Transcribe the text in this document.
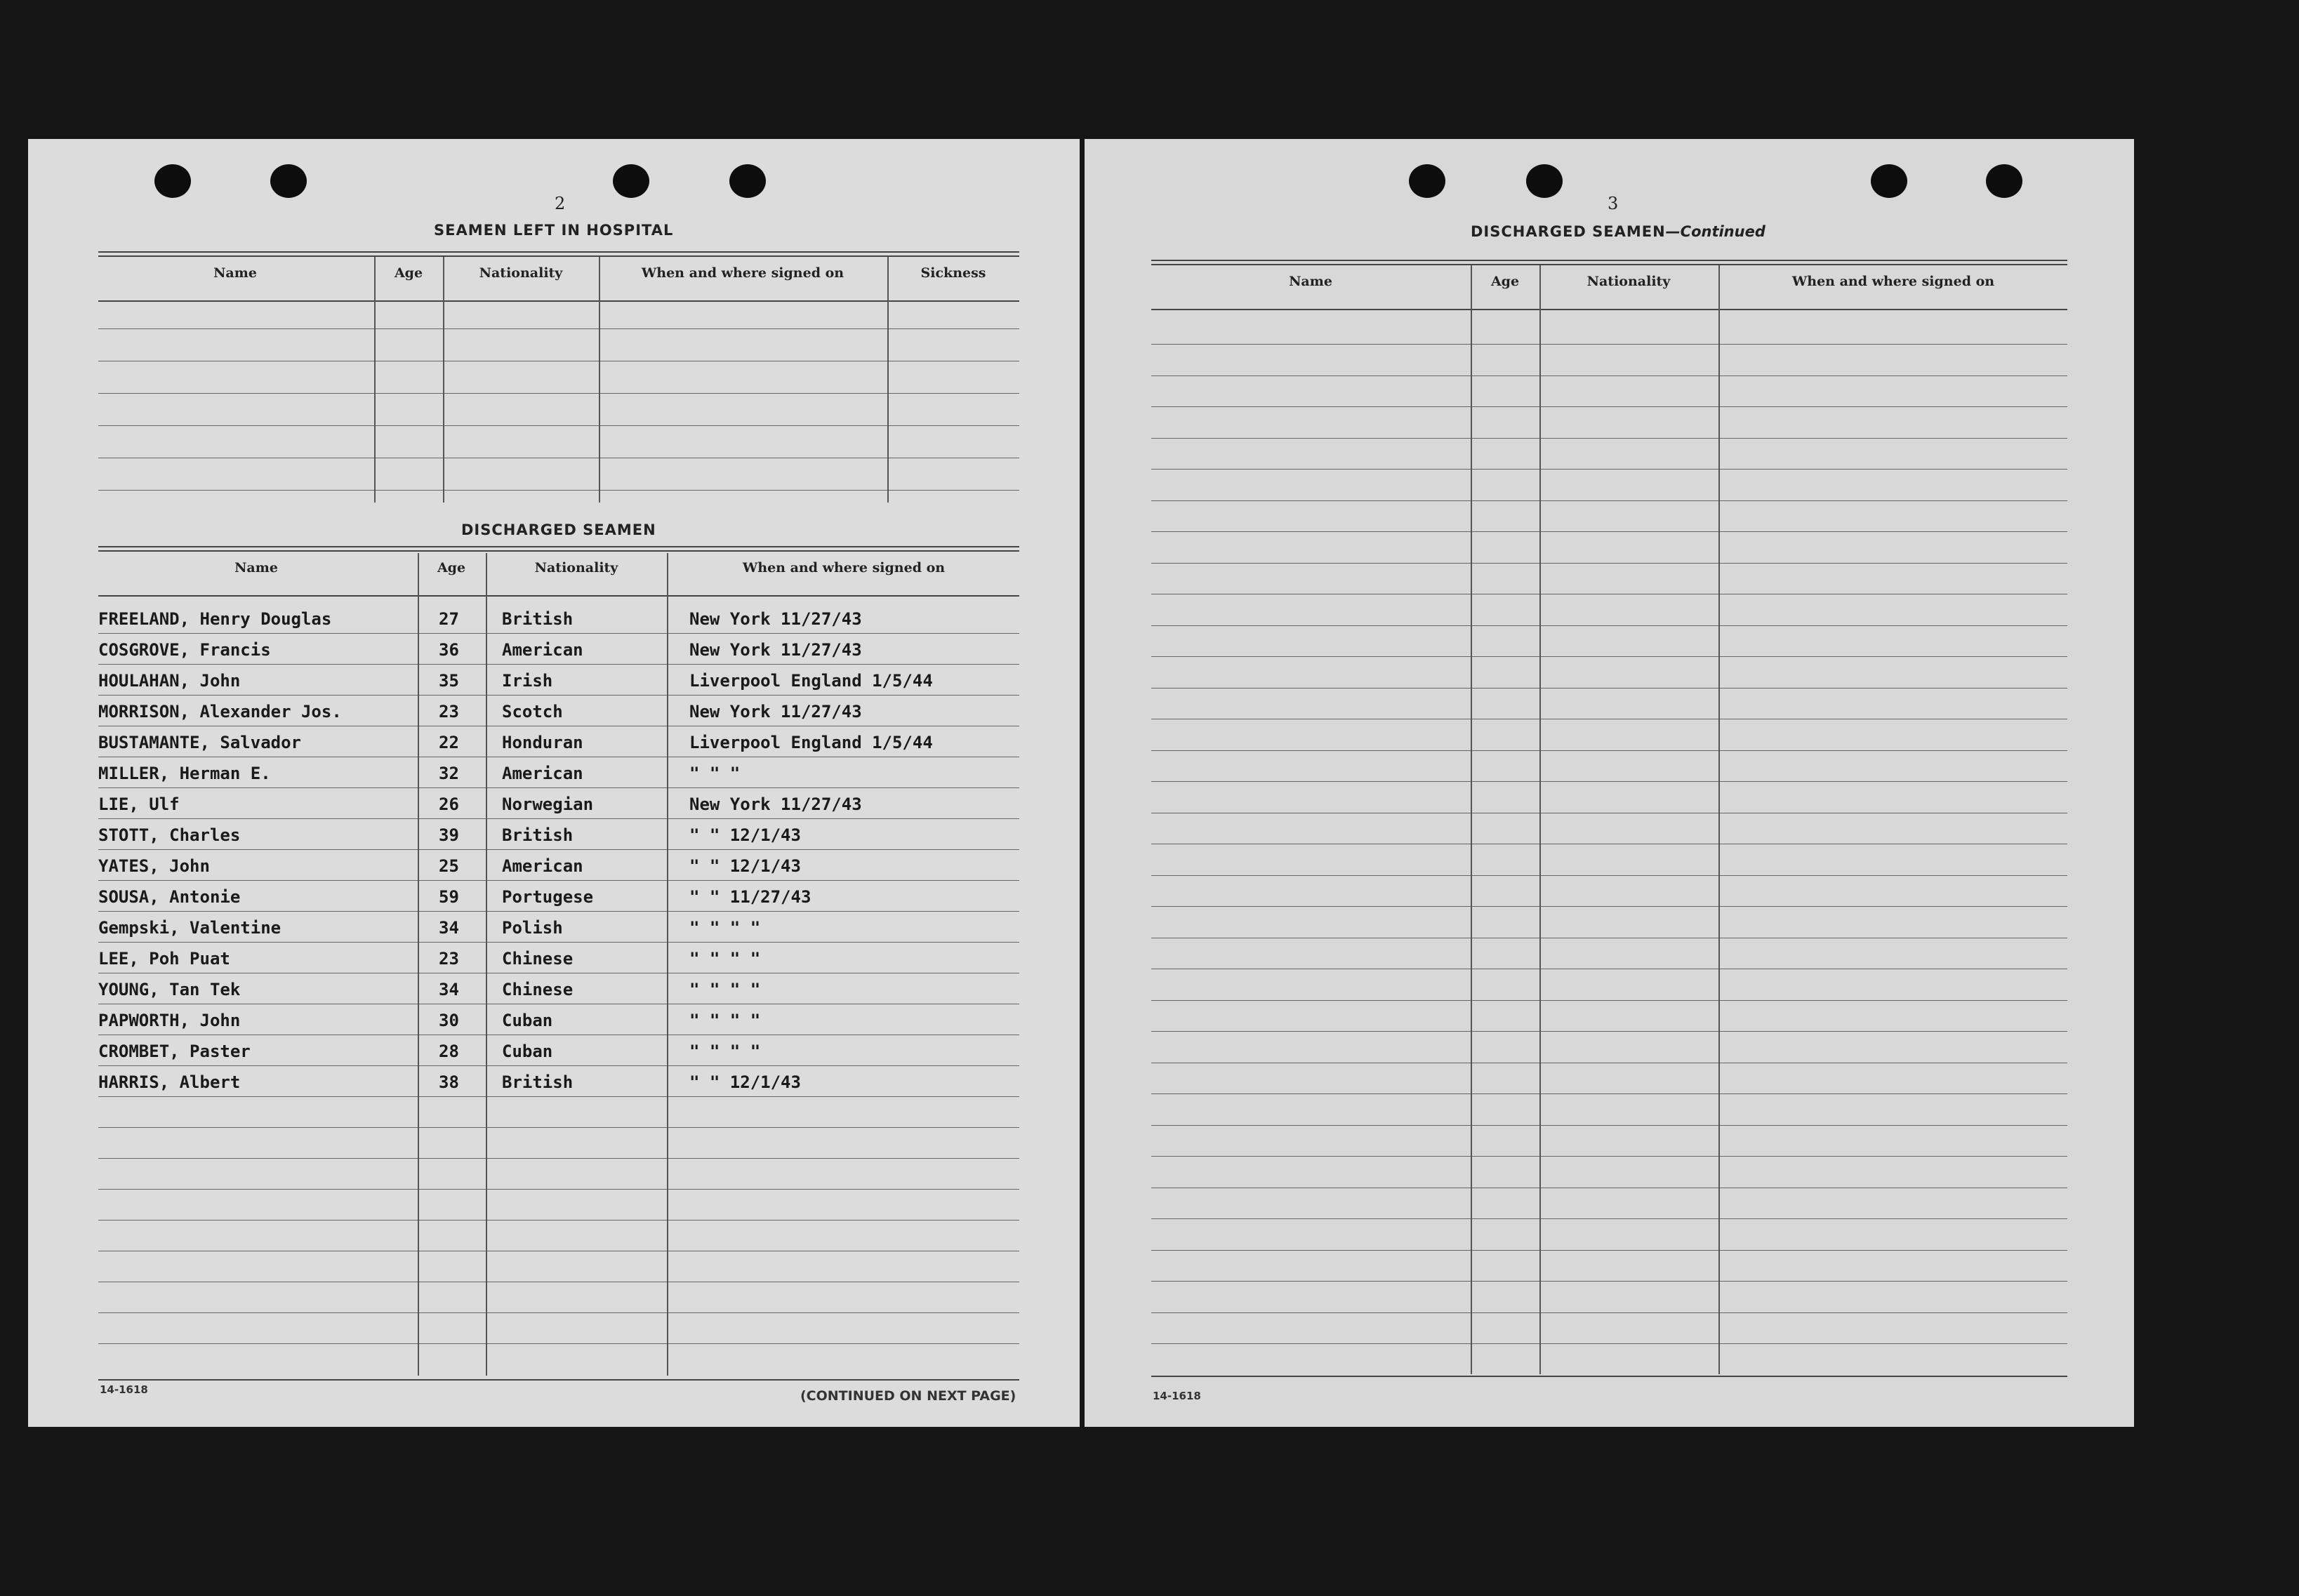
2
SEAMEN LEFT IN HOSPITAL
Name	Age	Nationality	When and where signed on	Sickness
DISCHARGED SEAMEN
Name	Age	Nationality	When and where signed on
FREELAND, Henry Douglas	27	British	New York 11/27/43
COSGROVE, Francis	36	American	New York 11/27/43
HOULAHAN, John	35	Irish	Liverpool England 1/5/44
MORRISON, Alexander Jos.	23	Scotch	New York 11/27/43
BUSTAMANTE, Salvador	22	Honduran	Liverpool England 1/5/44
MILLER, Herman E.	32	American	" " "
LIE, Ulf	26	Norwegian	New York 11/27/43
STOTT, Charles	39	British	" " 12/1/43
YATES, John	25	American	" " 12/1/43
SOUSA, Antonie	59	Portugese	" " 11/27/43
Gempski, Valentine	34	Polish	" " " "
LEE, Poh Puat	23	Chinese	" " " "
YOUNG, Tan Tek	34	Chinese	" " " "
PAPWORTH, John	30	Cuban	" " " "
CROMBET, Paster	28	Cuban	" " " "
HARRIS, Albert	38	British	" " 12/1/43
14-1618	(CONTINUED ON NEXT PAGE)
3
DISCHARGED SEAMEN—Continued
Name	Age	Nationality	When and where signed on
14-1618
